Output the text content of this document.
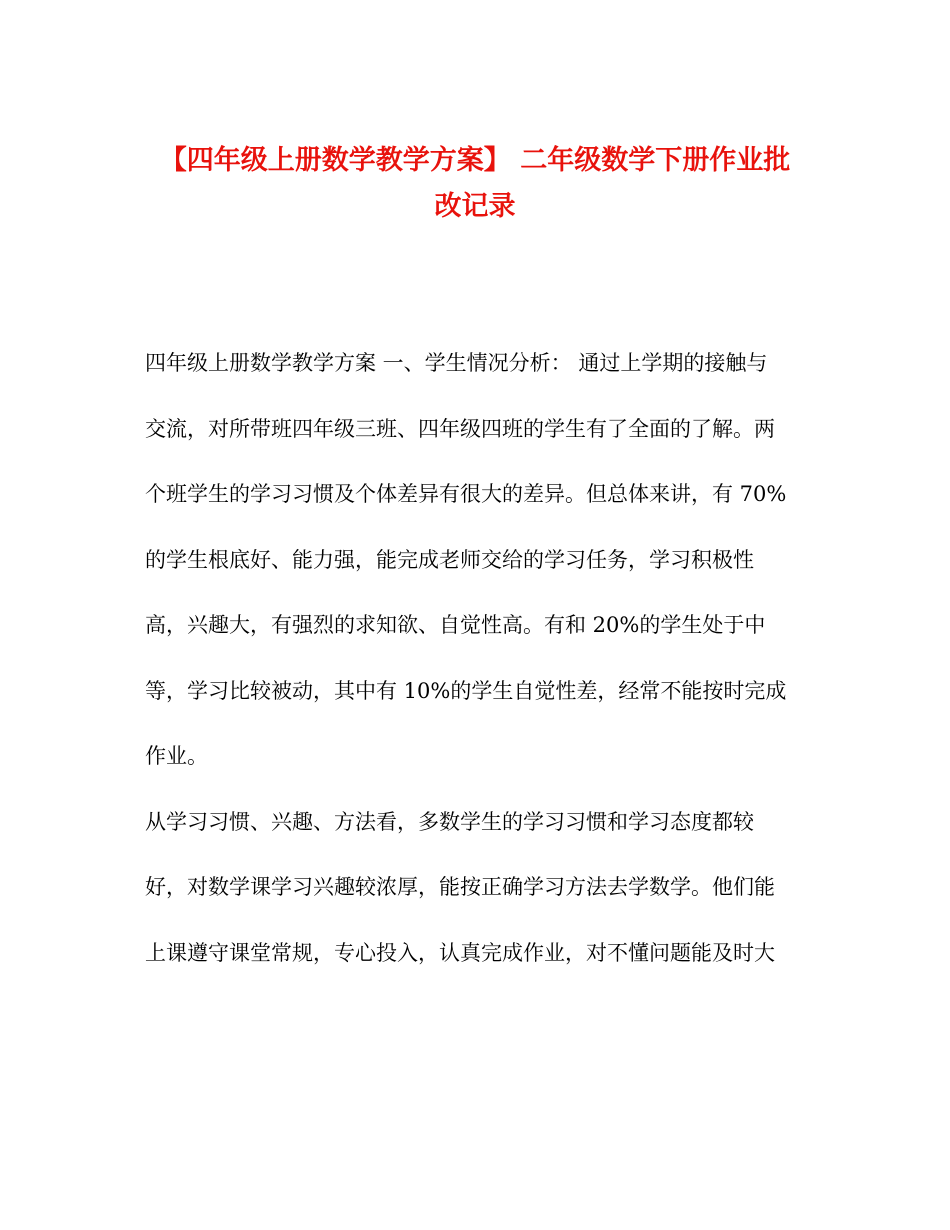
【四年级上册数学教学方案】 二年级数学下册作业批
改记录
四年级上册数学教学方案 一、学生情况分析： 通过上学期的接触与
交流，对所带班四年级三班、四年级四班的学生有了全面的了解。两
个班学生的学习习惯及个体差异有很大的差异。但总体来讲，有 70%
的学生根底好、能力强，能完成老师交给的学习任务，学习积极性
高，兴趣大，有强烈的求知欲、自觉性高。有和 20%的学生处于中
等，学习比较被动，其中有 10%的学生自觉性差，经常不能按时完成
作业。
从学习习惯、兴趣、方法看，多数学生的学习习惯和学习态度都较
好，对数学课学习兴趣较浓厚，能按正确学习方法去学数学。他们能
上课遵守课堂常规，专心投入，认真完成作业，对不懂问题能及时大
